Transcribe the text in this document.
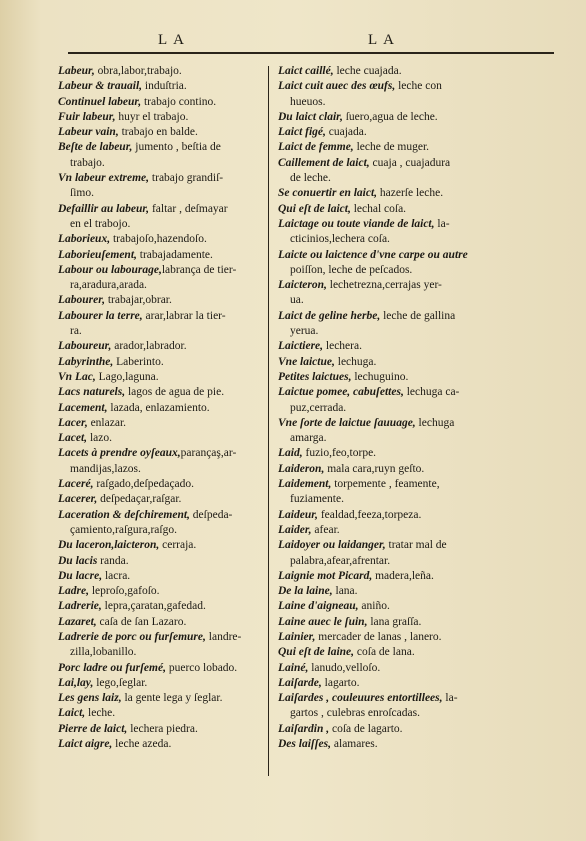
LA	LA

Labeur, obra,labor,trabajo.

Labeur & trauail, induſtria.

Continuel labeur, trabajo contino.

Fuir labeur, huyr el trabajo.

Labeur vain, trabajo en balde.

Beſte de labeur, jumento , beſtia de
trabajo.

Vn labeur extreme, trabajo grandiſ-
ſimo.

Defaillir au labeur, faltar , deſmayar
en el trabojo.

Laborieux, trabajoſo,hazendoſo.

Laborieuſement, trabajadamente.

Labour ou labourage,labrança de tier-
ra,aradura,arada.

Labourer, trabajar,obrar.

Labourer la terre, arar,labrar la tier-
ra.

Laboureur, arador,labrador.

Labyrinthe, Laberinto.

Vn Lac, Lago,laguna.

Lacs naturels, lagos de agua de pie.

Lacement, lazada, enlazamiento.

Lacer, enlazar.

Lacet, lazo.

Lacets à prendre oyſeaux,parançaş,ar-
mandijas,lazos.

Laceré, raſgado,deſpedaçado.

Lacerer, deſpedaçar,raſgar.

Laceration & deſchirement, deſpeda-
çamiento,raſgura,raſgo.

Du laceron,laicteron, cerraja.

Du lacis randa.

Du lacre, lacra.

Ladre, leproſo,gafoſo.

Ladrerie, lepra,çaratan,gafedad.

Lazaret, caſa de ſan Lazaro.

Ladrerie de porc ou furſemure, landre-
zilla,lobanillo.

Porc ladre ou furſemé, puerco lobado.

Lai,lay, lego,ſeglar.

Les gens laiz, la gente lega y ſeglar.

Laict, leche.

Pierre de laict, lechera piedra.

Laict aigre, leche azeda.

Laict caillé, leche cuajada.

Laict cuit auec des œufs, leche con
hueuos.

Du laict clair, ſuero,agua de leche.

Laict figé, cuajada.

Laict de femme, leche de muger.

Caillement de laict, cuaja , cuajadura
de leche.

Se conuertir en laict, hazerſe leche.

Qui eſt de laict, lechal coſa.

Laictage ou toute viande de laict, la-
cticinios,lechera coſa.

Laicte ou laictence d'vne carpe ou autre
poiſſon, leche de peſcados.

Laicteron, lechetrezna,cerrajas yer-
ua.

Laict de geline herbe, leche de gallina
yerua.

Laictiere, lechera.

Vne laictue, lechuga.

Petites laictues, lechuguino.

Laictue pomee, cabuſettes, lechuga ca-
puz,cerrada.

Vne ſorte de laictue ſauuage, lechuga
amarga.

Laid, fuzio,feo,torpe.

Laideron, mala cara,ruyn geſto.

Laidement, torpemente , feamente,
fuziamente.

Laideur, fealdad,feeza,torpeza.

Laider, afear.

Laidoyer ou laidanger, tratar mal de
palabra,afear,afrentar.

Laignie mot Picard, madera,leña.

De la laine, lana.

Laine d'aigneau, aniño.

Laine auec le ſuin, lana graſſa.

Lainier, mercader de lanas , lanero.

Qui eſt de laine, coſa de lana.

Lainé, lanudo,velloſo.

Laiſarde, lagarto.

Laiſardes , couleuures entortillees, la-
gartos , culebras enroſcadas.

Laiſardin , coſa de lagarto.

Des laiſſes, alamares.
